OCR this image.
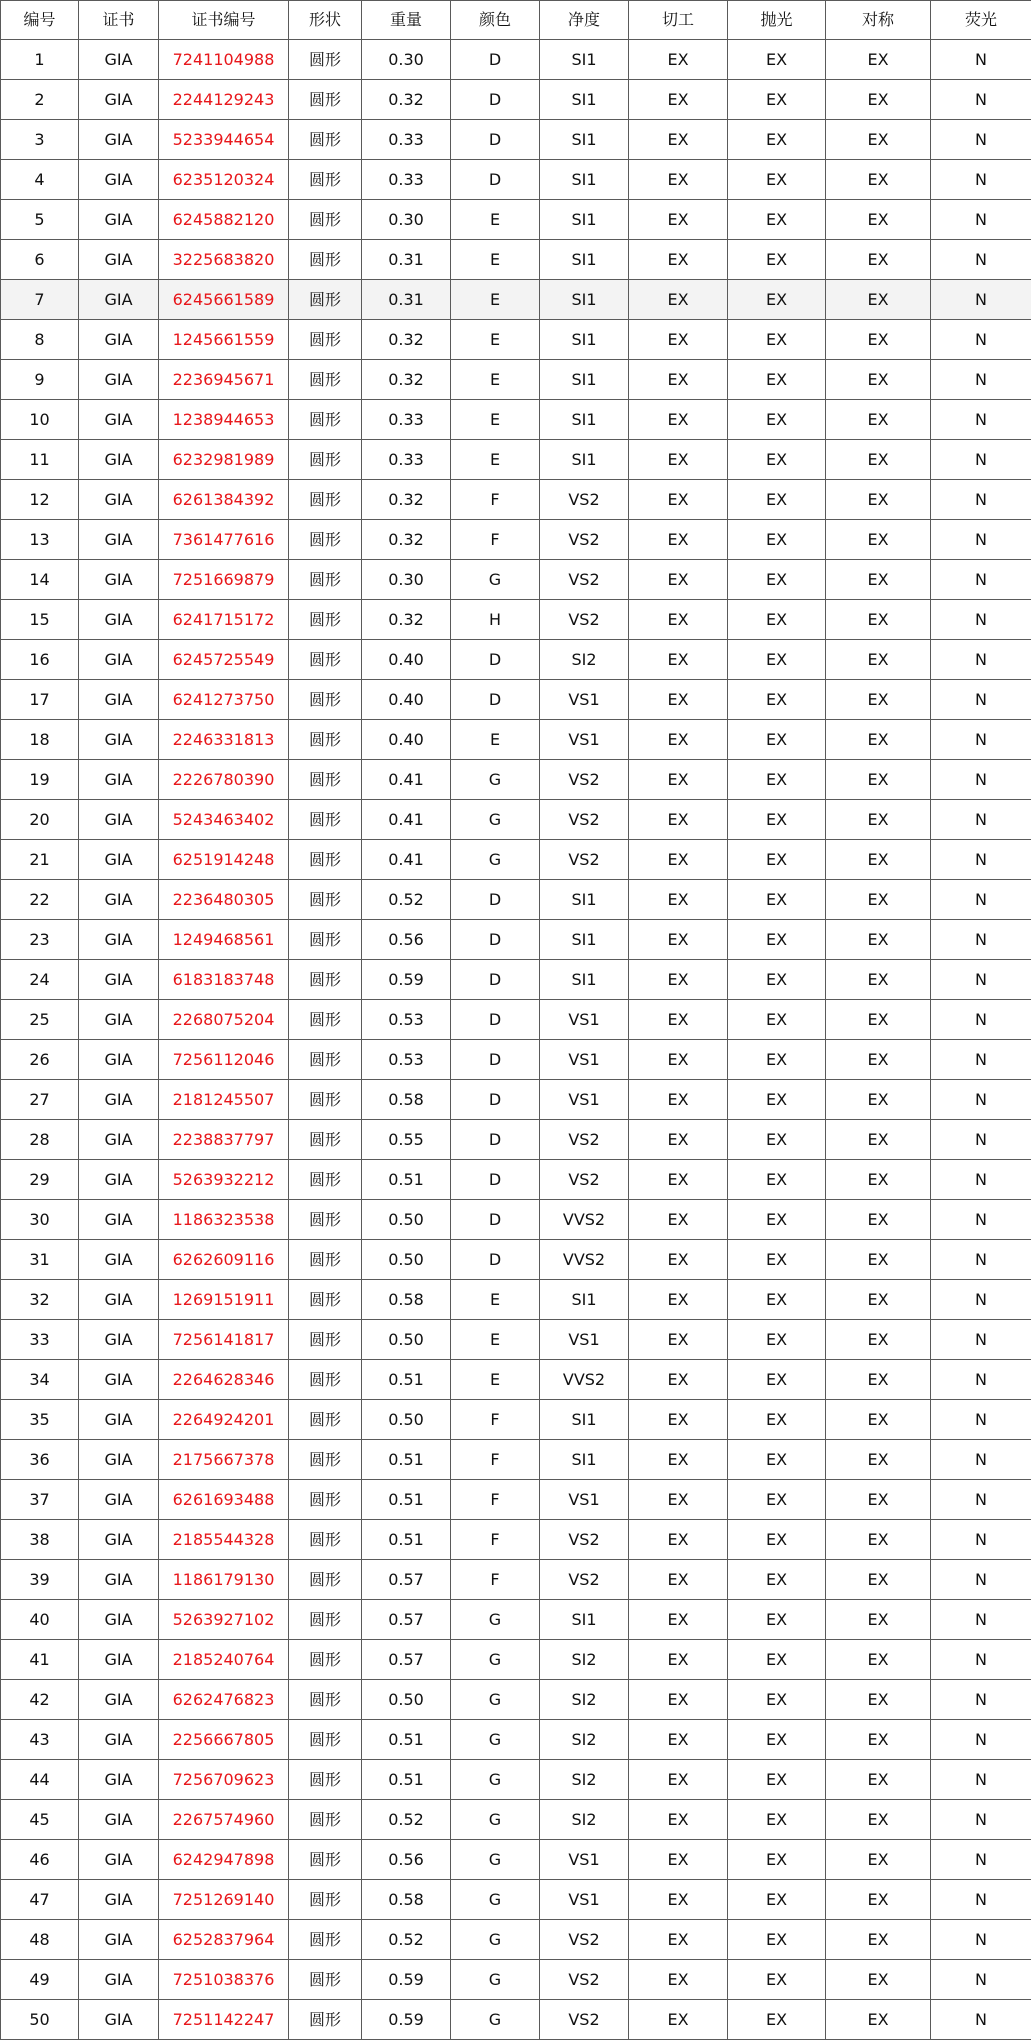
编号	证书	证书编号	形状	重量	颜色	净度	切工	抛光	对称	荧光
1	GIA	7241104988	圆形	0.30	D	SI1	EX	EX	EX	N
2	GIA	2244129243	圆形	0.32	D	SI1	EX	EX	EX	N
3	GIA	5233944654	圆形	0.33	D	SI1	EX	EX	EX	N
4	GIA	6235120324	圆形	0.33	D	SI1	EX	EX	EX	N
5	GIA	6245882120	圆形	0.30	E	SI1	EX	EX	EX	N
6	GIA	3225683820	圆形	0.31	E	SI1	EX	EX	EX	N
7	GIA	6245661589	圆形	0.31	E	SI1	EX	EX	EX	N
8	GIA	1245661559	圆形	0.32	E	SI1	EX	EX	EX	N
9	GIA	2236945671	圆形	0.32	E	SI1	EX	EX	EX	N
10	GIA	1238944653	圆形	0.33	E	SI1	EX	EX	EX	N
11	GIA	6232981989	圆形	0.33	E	SI1	EX	EX	EX	N
12	GIA	6261384392	圆形	0.32	F	VS2	EX	EX	EX	N
13	GIA	7361477616	圆形	0.32	F	VS2	EX	EX	EX	N
14	GIA	7251669879	圆形	0.30	G	VS2	EX	EX	EX	N
15	GIA	6241715172	圆形	0.32	H	VS2	EX	EX	EX	N
16	GIA	6245725549	圆形	0.40	D	SI2	EX	EX	EX	N
17	GIA	6241273750	圆形	0.40	D	VS1	EX	EX	EX	N
18	GIA	2246331813	圆形	0.40	E	VS1	EX	EX	EX	N
19	GIA	2226780390	圆形	0.41	G	VS2	EX	EX	EX	N
20	GIA	5243463402	圆形	0.41	G	VS2	EX	EX	EX	N
21	GIA	6251914248	圆形	0.41	G	VS2	EX	EX	EX	N
22	GIA	2236480305	圆形	0.52	D	SI1	EX	EX	EX	N
23	GIA	1249468561	圆形	0.56	D	SI1	EX	EX	EX	N
24	GIA	6183183748	圆形	0.59	D	SI1	EX	EX	EX	N
25	GIA	2268075204	圆形	0.53	D	VS1	EX	EX	EX	N
26	GIA	7256112046	圆形	0.53	D	VS1	EX	EX	EX	N
27	GIA	2181245507	圆形	0.58	D	VS1	EX	EX	EX	N
28	GIA	2238837797	圆形	0.55	D	VS2	EX	EX	EX	N
29	GIA	5263932212	圆形	0.51	D	VS2	EX	EX	EX	N
30	GIA	1186323538	圆形	0.50	D	VVS2	EX	EX	EX	N
31	GIA	6262609116	圆形	0.50	D	VVS2	EX	EX	EX	N
32	GIA	1269151911	圆形	0.58	E	SI1	EX	EX	EX	N
33	GIA	7256141817	圆形	0.50	E	VS1	EX	EX	EX	N
34	GIA	2264628346	圆形	0.51	E	VVS2	EX	EX	EX	N
35	GIA	2264924201	圆形	0.50	F	SI1	EX	EX	EX	N
36	GIA	2175667378	圆形	0.51	F	SI1	EX	EX	EX	N
37	GIA	6261693488	圆形	0.51	F	VS1	EX	EX	EX	N
38	GIA	2185544328	圆形	0.51	F	VS2	EX	EX	EX	N
39	GIA	1186179130	圆形	0.57	F	VS2	EX	EX	EX	N
40	GIA	5263927102	圆形	0.57	G	SI1	EX	EX	EX	N
41	GIA	2185240764	圆形	0.57	G	SI2	EX	EX	EX	N
42	GIA	6262476823	圆形	0.50	G	SI2	EX	EX	EX	N
43	GIA	2256667805	圆形	0.51	G	SI2	EX	EX	EX	N
44	GIA	7256709623	圆形	0.51	G	SI2	EX	EX	EX	N
45	GIA	2267574960	圆形	0.52	G	SI2	EX	EX	EX	N
46	GIA	6242947898	圆形	0.56	G	VS1	EX	EX	EX	N
47	GIA	7251269140	圆形	0.58	G	VS1	EX	EX	EX	N
48	GIA	6252837964	圆形	0.52	G	VS2	EX	EX	EX	N
49	GIA	7251038376	圆形	0.59	G	VS2	EX	EX	EX	N
50	GIA	7251142247	圆形	0.59	G	VS2	EX	EX	EX	N
